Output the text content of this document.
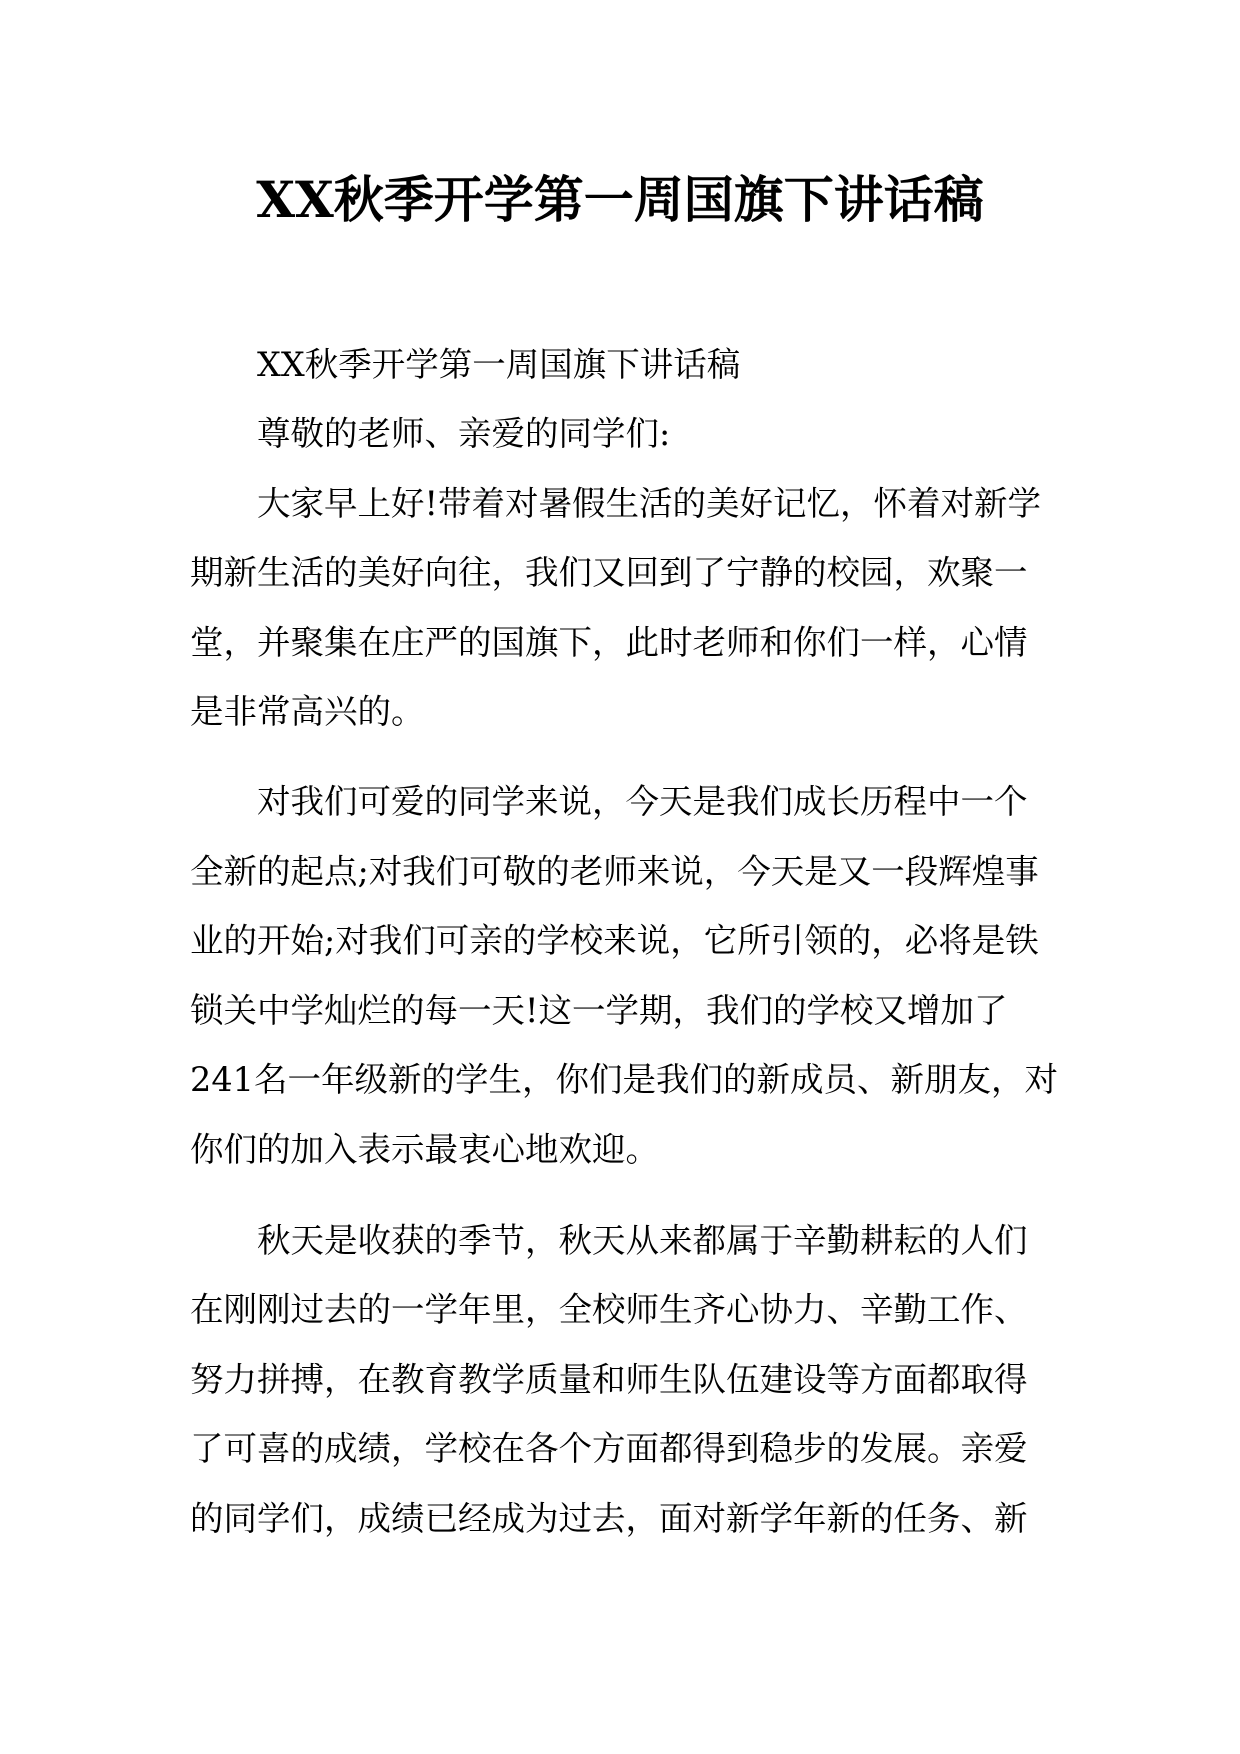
XX秋季开学第一周国旗下讲话稿
XX秋季开学第一周国旗下讲话稿
尊敬的老师、亲爱的同学们:
大家早上好!带着对暑假生活的美好记忆，怀着对新学
期新生活的美好向往，我们又回到了宁静的校园，欢聚一
堂，并聚集在庄严的国旗下，此时老师和你们一样，心情
是非常高兴的。
对我们可爱的同学来说，今天是我们成长历程中一个
全新的起点;对我们可敬的老师来说，今天是又一段辉煌事
业的开始;对我们可亲的学校来说，它所引领的，必将是铁
锁关中学灿烂的每一天!这一学期，我们的学校又增加了
241名一年级新的学生，你们是我们的新成员、新朋友，对
你们的加入表示最衷心地欢迎。
秋天是收获的季节，秋天从来都属于辛勤耕耘的人们
在刚刚过去的一学年里，全校师生齐心协力、辛勤工作、
努力拼搏，在教育教学质量和师生队伍建设等方面都取得
了可喜的成绩，学校在各个方面都得到稳步的发展。亲爱
的同学们，成绩已经成为过去，面对新学年新的任务、新
